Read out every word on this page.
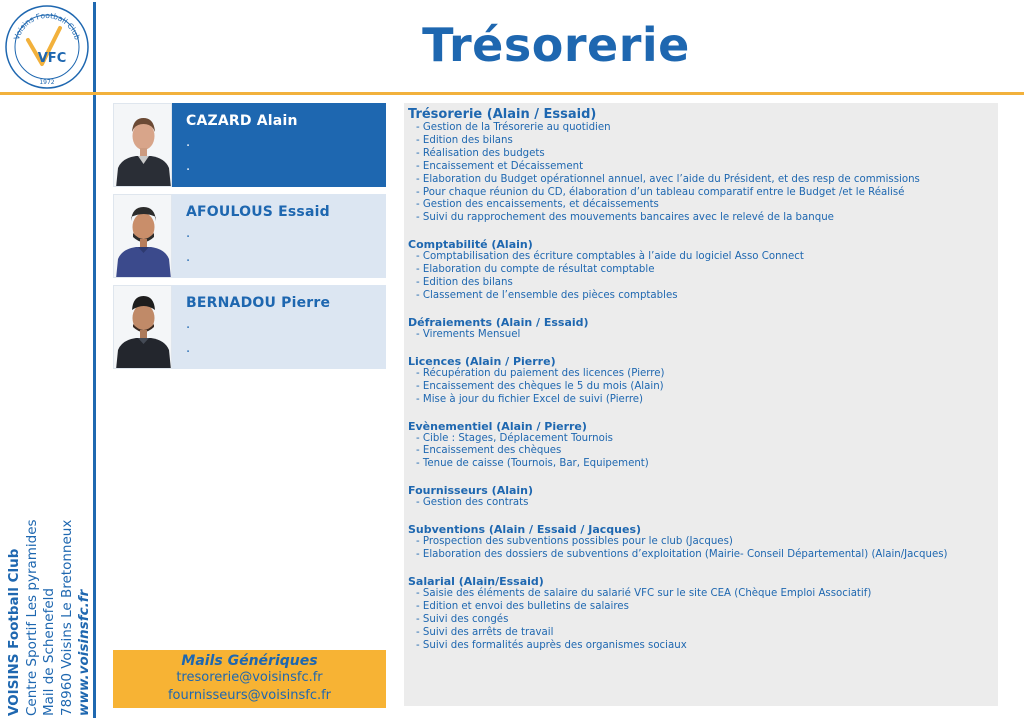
Voisins Football Club
VFC
1972
Trésorerie
VOISINS Football Club Centre Sportif Les pyramides Mail de Schenefeld 78960 Voisins Le Bretonneux www.voisinsfc.fr
CAZARD Alain
.
.
AFOULOUS Essaid
.
.
BERNADOU Pierre
.
.
Mails Génériques
tresorerie@voisinsfc.fr
fournisseurs@voisinsfc.fr
Trésorerie (Alain / Essaid)
- Gestion de la Trésorerie au quotidien
- Edition des bilans
- Réalisation des budgets
- Encaissement et Décaissement
- Elaboration du Budget opérationnel annuel, avec l’aide du Président, et des resp de commissions
- Pour chaque réunion du CD, élaboration d’un tableau comparatif entre le Budget /et le Réalisé
- Gestion des encaissements, et décaissements
- Suivi du rapprochement des mouvements bancaires avec le relevé de la banque
Comptabilité (Alain)
- Comptabilisation des écriture comptables à l’aide du logiciel Asso Connect
- Elaboration du compte de résultat comptable
- Edition des bilans
- Classement de l’ensemble des pièces comptables
Défraiements (Alain / Essaid)
- Virements Mensuel
Licences (Alain / Pierre)
- Récupération du paiement des licences (Pierre)
- Encaissement des chèques le 5 du mois (Alain)
- Mise à jour du fichier Excel de suivi (Pierre)
Evènementiel (Alain / Pierre)
- Cible : Stages, Déplacement Tournois
- Encaissement des chèques
- Tenue de caisse (Tournois, Bar, Equipement)
Fournisseurs (Alain)
- Gestion des contrats
Subventions (Alain / Essaid / Jacques)
- Prospection des subventions possibles pour le club (Jacques)
- Elaboration des dossiers de subventions d’exploitation (Mairie- Conseil Départemental) (Alain/Jacques)
Salarial (Alain/Essaid)
- Saisie des éléments de salaire du salarié VFC sur le site CEA (Chèque Emploi Associatif)
- Edition et envoi des bulletins de salaires
- Suivi des congés
- Suivi des arrêts de travail
- Suivi des formalités auprès des organismes sociaux
